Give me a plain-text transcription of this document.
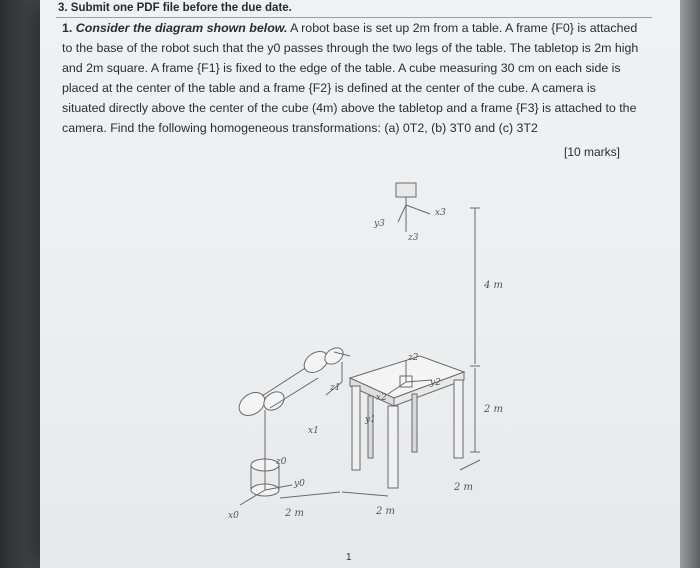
3. Submit one PDF file before the due date.
1. Consider the diagram shown below. A robot base is set up 2m from a table. A frame {F0} is attached to the base of the robot such that the y0 passes through the two legs of the table. The tabletop is 2m high and 2m square. A frame {F1} is fixed to the edge of the table. A cube measuring 30 cm on each side is placed at the center of the table and a frame {F2} is defined at the center of the cube. A camera is situated directly above the center of the cube (4m) above the tabletop and a frame {F3} is attached to the camera. Find the following homogeneous transformations: (a) 0T2, (b) 3T0 and (c) 3T2
[10 marks]
x3
y3
z3
z1
x1
y1
z2
x2
y2
z0
y0
x0
4 m
2 m
2 m
2 m	2 m
1
